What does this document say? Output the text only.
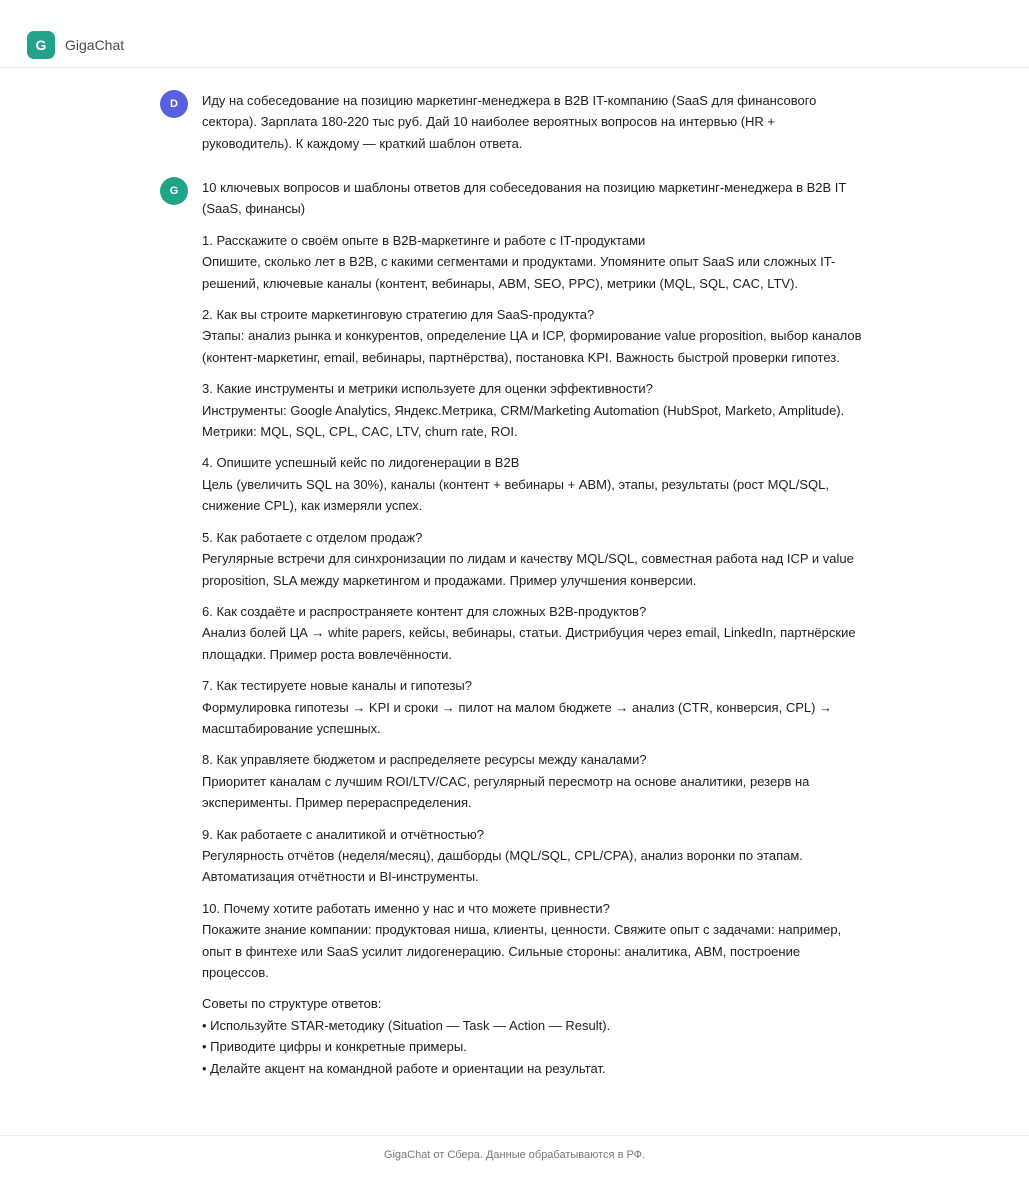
G	GigaChat
D	Иду на собеседование на позицию маркетинг-менеджера в B2B IT-компанию (SaaS для финансового сектора). Зарплата 180-220 тыс руб. Дай 10 наиболее вероятных вопросов на интервью (HR + руководитель). К каждому — краткий шаблон ответа.

G	10 ключевых вопросов и шаблоны ответов для собеседования на позицию маркетинг-менеджера в B2B IT (SaaS, финансы)

1. Расскажите о своём опыте в B2B-маркетинге и работе с IT-продуктами

Опишите, сколько лет в B2B, с какими сегментами и продуктами. Упомяните опыт SaaS или сложных IT-решений, ключевые каналы (контент, вебинары, ABM, SEO, PPC), метрики (MQL, SQL, CAC, LTV).

2. Как вы строите маркетинговую стратегию для SaaS-продукта?

Этапы: анализ рынка и конкурентов, определение ЦА и ICP, формирование value proposition, выбор каналов (контент-маркетинг, email, вебинары, партнёрства), постановка KPI. Важность быстрой проверки гипотез.

3. Какие инструменты и метрики используете для оценки эффективности?

Инструменты: Google Analytics, Яндекс.Метрика, CRM/Marketing Automation (HubSpot, Marketo, Amplitude). Метрики: MQL, SQL, CPL, CAC, LTV, churn rate, ROI.

4. Опишите успешный кейс по лидогенерации в B2B

Цель (увеличить SQL на 30%), каналы (контент + вебинары + ABM), этапы, результаты (рост MQL/SQL, снижение CPL), как измеряли успех.

5. Как работаете с отделом продаж?

Регулярные встречи для синхронизации по лидам и качеству MQL/SQL, совместная работа над ICP и value proposition, SLA между маркетингом и продажами. Пример улучшения конверсии.

6. Как создаёте и распространяете контент для сложных B2B-продуктов?

Анализ болей ЦА → white papers, кейсы, вебинары, статьи. Дистрибуция через email, LinkedIn, партнёрские площадки. Пример роста вовлечённости.

7. Как тестируете новые каналы и гипотезы?

Формулировка гипотезы → KPI и сроки → пилот на малом бюджете → анализ (CTR, конверсия, CPL) → масштабирование успешных.

8. Как управляете бюджетом и распределяете ресурсы между каналами?

Приоритет каналам с лучшим ROI/LTV/CAC, регулярный пересмотр на основе аналитики, резерв на эксперименты. Пример перераспределения.

9. Как работаете с аналитикой и отчётностью?

Регулярность отчётов (неделя/месяц), дашборды (MQL/SQL, CPL/CPA), анализ воронки по этапам. Автоматизация отчётности и BI-инструменты.

10. Почему хотите работать именно у нас и что можете привнести?

Покажите знание компании: продуктовая ниша, клиенты, ценности. Свяжите опыт с задачами: например, опыт в финтехе или SaaS усилит лидогенерацию. Сильные стороны: аналитика, ABM, построение процессов.

Советы по структуре ответов:

• Используйте STAR-методику (Situation — Task — Action — Result).

• Приводите цифры и конкретные примеры.

• Делайте акцент на командной работе и ориентации на результат.

GigaChat от Сбера. Данные обрабатываются в РФ.
